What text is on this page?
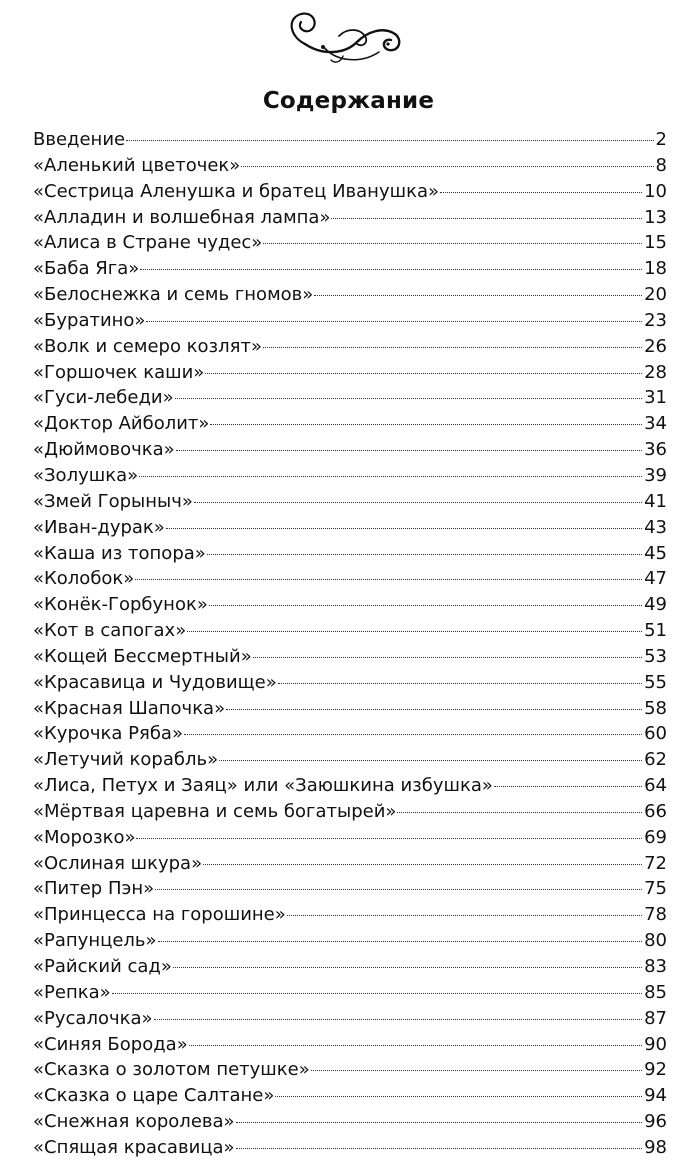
Содержание
Введение	2
«Аленький цветочек»	8
«Сестрица Аленушка и братец Иванушка»	10
«Алладин и волшебная лампа»	13
«Алиса в Стране чудес»	15
«Баба Яга»	18
«Белоснежка и семь гномов»	20
«Буратино»	23
«Волк и семеро козлят»	26
«Горшочек каши»	28
«Гуси-лебеди»	31
«Доктор Айболит»	34
«Дюймовочка»	36
«Золушка»	39
«Змей Горыныч»	41
«Иван-дурак»	43
«Каша из топора»	45
«Колобок»	47
«Конёк-Горбунок»	49
«Кот в сапогах»	51
«Кощей Бессмертный»	53
«Красавица и Чудовище»	55
«Красная Шапочка»	58
«Курочка Ряба»	60
«Летучий корабль»	62
«Лиса, Петух и Заяц» или «Заюшкина избушка»	64
«Мёртвая царевна и семь богатырей»	66
«Морозко»	69
«Ослиная шкура»	72
«Питер Пэн»	75
«Принцесса на горошине»	78
«Рапунцель»	80
«Райский сад»	83
«Репка»	85
«Русалочка»	87
«Синяя Борода»	90
«Сказка о золотом петушке»	92
«Сказка о царе Салтане»	94
«Снежная королева»	96
«Спящая красавица»	98
